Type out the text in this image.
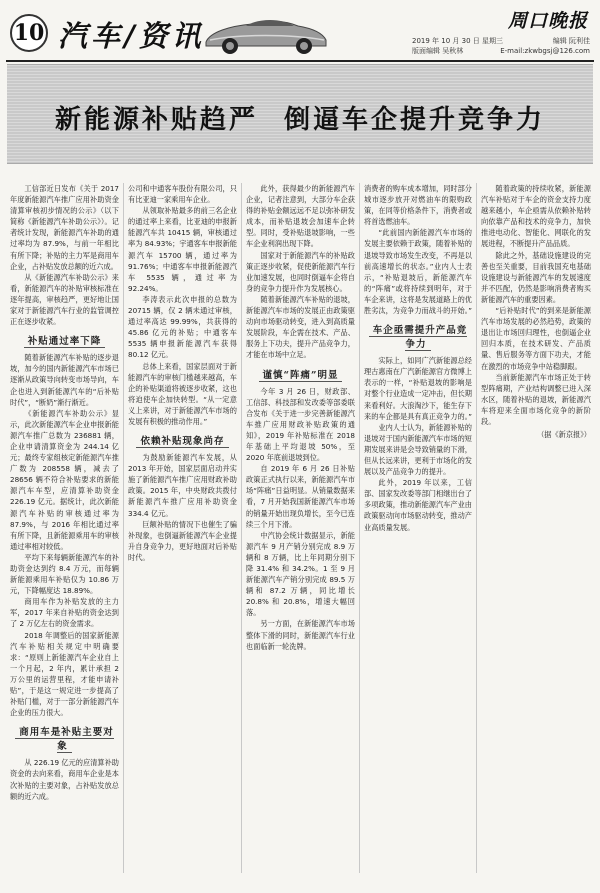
10 汽车/资讯	周口晚报
2019 年 10 月 30 日 星期三	编辑 阮利佳
版面编辑 吴秋林	E-mail:zkwbgsj@126.com
新能源补贴趋严 倒逼车企提升竞争力

工信部近日发布《关于 2017 年度新能源汽车推广应用补助资金清算审核初步情况的公示》（以下简称《新能源汽车补助公示》）。记者统计发现，新能源汽车补助的通过率均为 87.9%，与前一年相比有所下降；补贴的主力军是商用车企业，占补贴发放总额的近六成。

从《新能源汽车补助公示》来看，新能源汽车的补贴审核标准在逐年提高，审核趋严，更好地让国家对于新能源汽车行业的监管调控正在逐步收紧。

补贴通过率下降

随着新能源汽车补贴的逐步退坡，加今的国内新能源汽车市场已逐渐从政策导向转变市场导向，车企也进入到新能源汽车的“后补贴时代”，“断奶”渐行渐近。

《新能源汽车补助公示》显示，此次新能源汽车企业申报新能源汽车推广总数为 236881 辆，企业申请清算资金为 244.14 亿元；最终专家组核定新能源汽车推广数为 208558 辆，减去了 28656 辆不符合补贴要求的新能源汽车车型，应清算补助资金 226.19 亿元。据统计，此次新能源汽车补贴的审核通过率为 87.9%，与 2016 年相比通过率有所下降，且新能源乘用车的审核通过率相对较低。

平均下来每辆新能源汽车的补助资金达到约 8.4 万元，而每辆新能源乘用车补贴仅为 10.86 万元，下降幅度达 18.89%。

商用车作为补贴发放的主力军，2017 年来自补贴的资金达到了 2 万亿左右的资金需求。

2018 年调整后的国家新能源汽车补贴相关规定中明确要求：“原则上新能源汽车企业自上一个月起，2 年内，累计承担 2 万公里的运营里程，才能申请补贴”，于是这一规定进一步提高了补贴门槛，对于一部分新能源汽车企业的压力很大。

商用车是补贴主要对象

从 226.19 亿元的应清算补助资金的去向来看，商用车企业是本次补贴的主要对象，占补贴发放总额的近六成。

公司和中通客车股份有限公司，只有比亚迪一家乘用车企业。

从领取补贴最多的前三名企业的通过率上来看，比亚迪的申报新能源汽车共 10415 辆，审核通过率为 84.93%；宇通客车申报新能源汽车 15700 辆，通过率为 91.76%；中通客车申报新能源汽车 5535 辆，通过率为 92.24%。

李涛表示此次申报的总数为 20715 辆，仅 2 辆未通过审核，通过率高达 99.99%，共获得的 45.86 亿元的补贴；中通客车 5535 辆申报新能源汽车获得 80.12 亿元。

总体上来看，国家层面对于新能源汽车的审核门槛越来越高，车企的补贴渠道将被逐步收紧，这也将迫使车企加快转型。“从一定意义上来讲，对于新能源汽车市场的发展有积极的推动作用。”

依赖补贴现象尚存

为鼓励新能源汽车发展，从 2013 年开始，国家层面启动并实施了新能源汽车推广应用财政补助政策。2015 年，中央财政共拨付新能源汽车推广应用补助资金 334.4 亿元。

巨额补贴的情况下也催生了骗补现象，也倒逼新能源汽车企业提升自身竞争力，更好地面对后补贴时代。

此外，获得最少的新能源汽车企业，记者注意到，大部分车企获得的补贴金额远远不足以弥补研发成本，而补贴退坡会加速车企转型。同时，受补贴退坡影响，一些车企业利润出现下降。

国家对于新能源汽车的补贴政策正逐步收紧，促使新能源汽车行业加速发展，也同时倒逼车企将自身的竞争力提升作为发展核心。

随着新能源汽车补贴的退坡，新能源汽车市场的发展正由政策驱动向市场驱动转变，进入到高质量发展阶段，车企需在技术、产品、服务上下功夫，提升产品竞争力，才能在市场中立足。

谨慎“阵痛”明显

今年 3 月 26 日，财政部、工信部、科技部和发改委等部委联合发布《关于进一步完善新能源汽车推广应用财政补贴政策的通知》，2019 年补贴标准在 2018 年基础上平均退坡 50%，至 2020 年底前退坡到位。

自 2019 年 6 月 26 日补贴政策正式执行以来，新能源汽车市场“阵痛”日益明显。从销量数据来看，7 月开始我国新能源汽车市场的销量开始出现负增长，至今已连续三个月下滑。

中汽协会统计数据显示，新能源汽车 9 月产销分别完成 8.9 万辆和 8 万辆，比上年同期分别下降 31.4% 和 34.2%。1 至 9 月新能源汽车产销分别完成 89.5 万辆和 87.2 万辆，同比增长 20.8% 和 20.8%，增速大幅回落。

另一方面，在新能源汽车市场整体下滑的同时，新能源汽车行业也面临新一轮洗牌。

消费者的购车成本增加，同时部分城市逐步放开对燃油车的限购政策，在同等价格条件下，消费者或将首选燃油车。

“此前国内新能源汽车市场的发展主要依赖于政策，随着补贴的退坡导致市场发生改变，不再是以前高速增长的状态。”业内人士表示，“补贴退坡后，新能源汽车的“阵痛”或将持续到明年，对于车企来讲，这将是发展道路上的优胜劣汰，为竞争力而战斗的开始。”

车企亟需提升产品竞争力

实际上，如同广汽新能源总经理古惠南在广汽新能源官方微博上表示的一样，“补贴退坡的影响是对整个行业造成一定冲击，但长期来看利好。大浪淘沙下，能生存下来的车企都是具有真正竞争力的。”

业内人士认为，新能源补贴的退坡对于国内新能源汽车市场的短期发展来讲是会导致销量的下滑，但从长远来讲，更利于市场化的发展以及产品竞争力的提升。

此外，2019 年以来，工信部、国家发改委等部门相继出台了多项政策，推动新能源汽车产业由政策驱动向市场驱动转变，推动产业高质量发展。

随着政策的持续收紧，新能源汽车补贴对于车企的资金支持力度越来越小，车企亟需从依赖补贴转向依靠产品和技术的竞争力，加快推进电动化、智能化、网联化的发展进程，不断提升产品品质。

除此之外，基础设施建设的完善也至关重要，目前我国充电基础设施建设与新能源汽车的发展速度并不匹配，仍然是影响消费者购买新能源汽车的重要因素。

“后补贴时代”的到来是新能源汽车市场发展的必然趋势，政策的退出让市场回归理性，也倒逼企业回归本质，在技术研发、产品质量、售后服务等方面下功夫，才能在激烈的市场竞争中站稳脚跟。

当前新能源汽车市场正处于转型阵痛期，产业结构调整已进入深水区，随着补贴的退坡，新能源汽车将迎来全面市场化竞争的新阶段。

（据《新京报》）
